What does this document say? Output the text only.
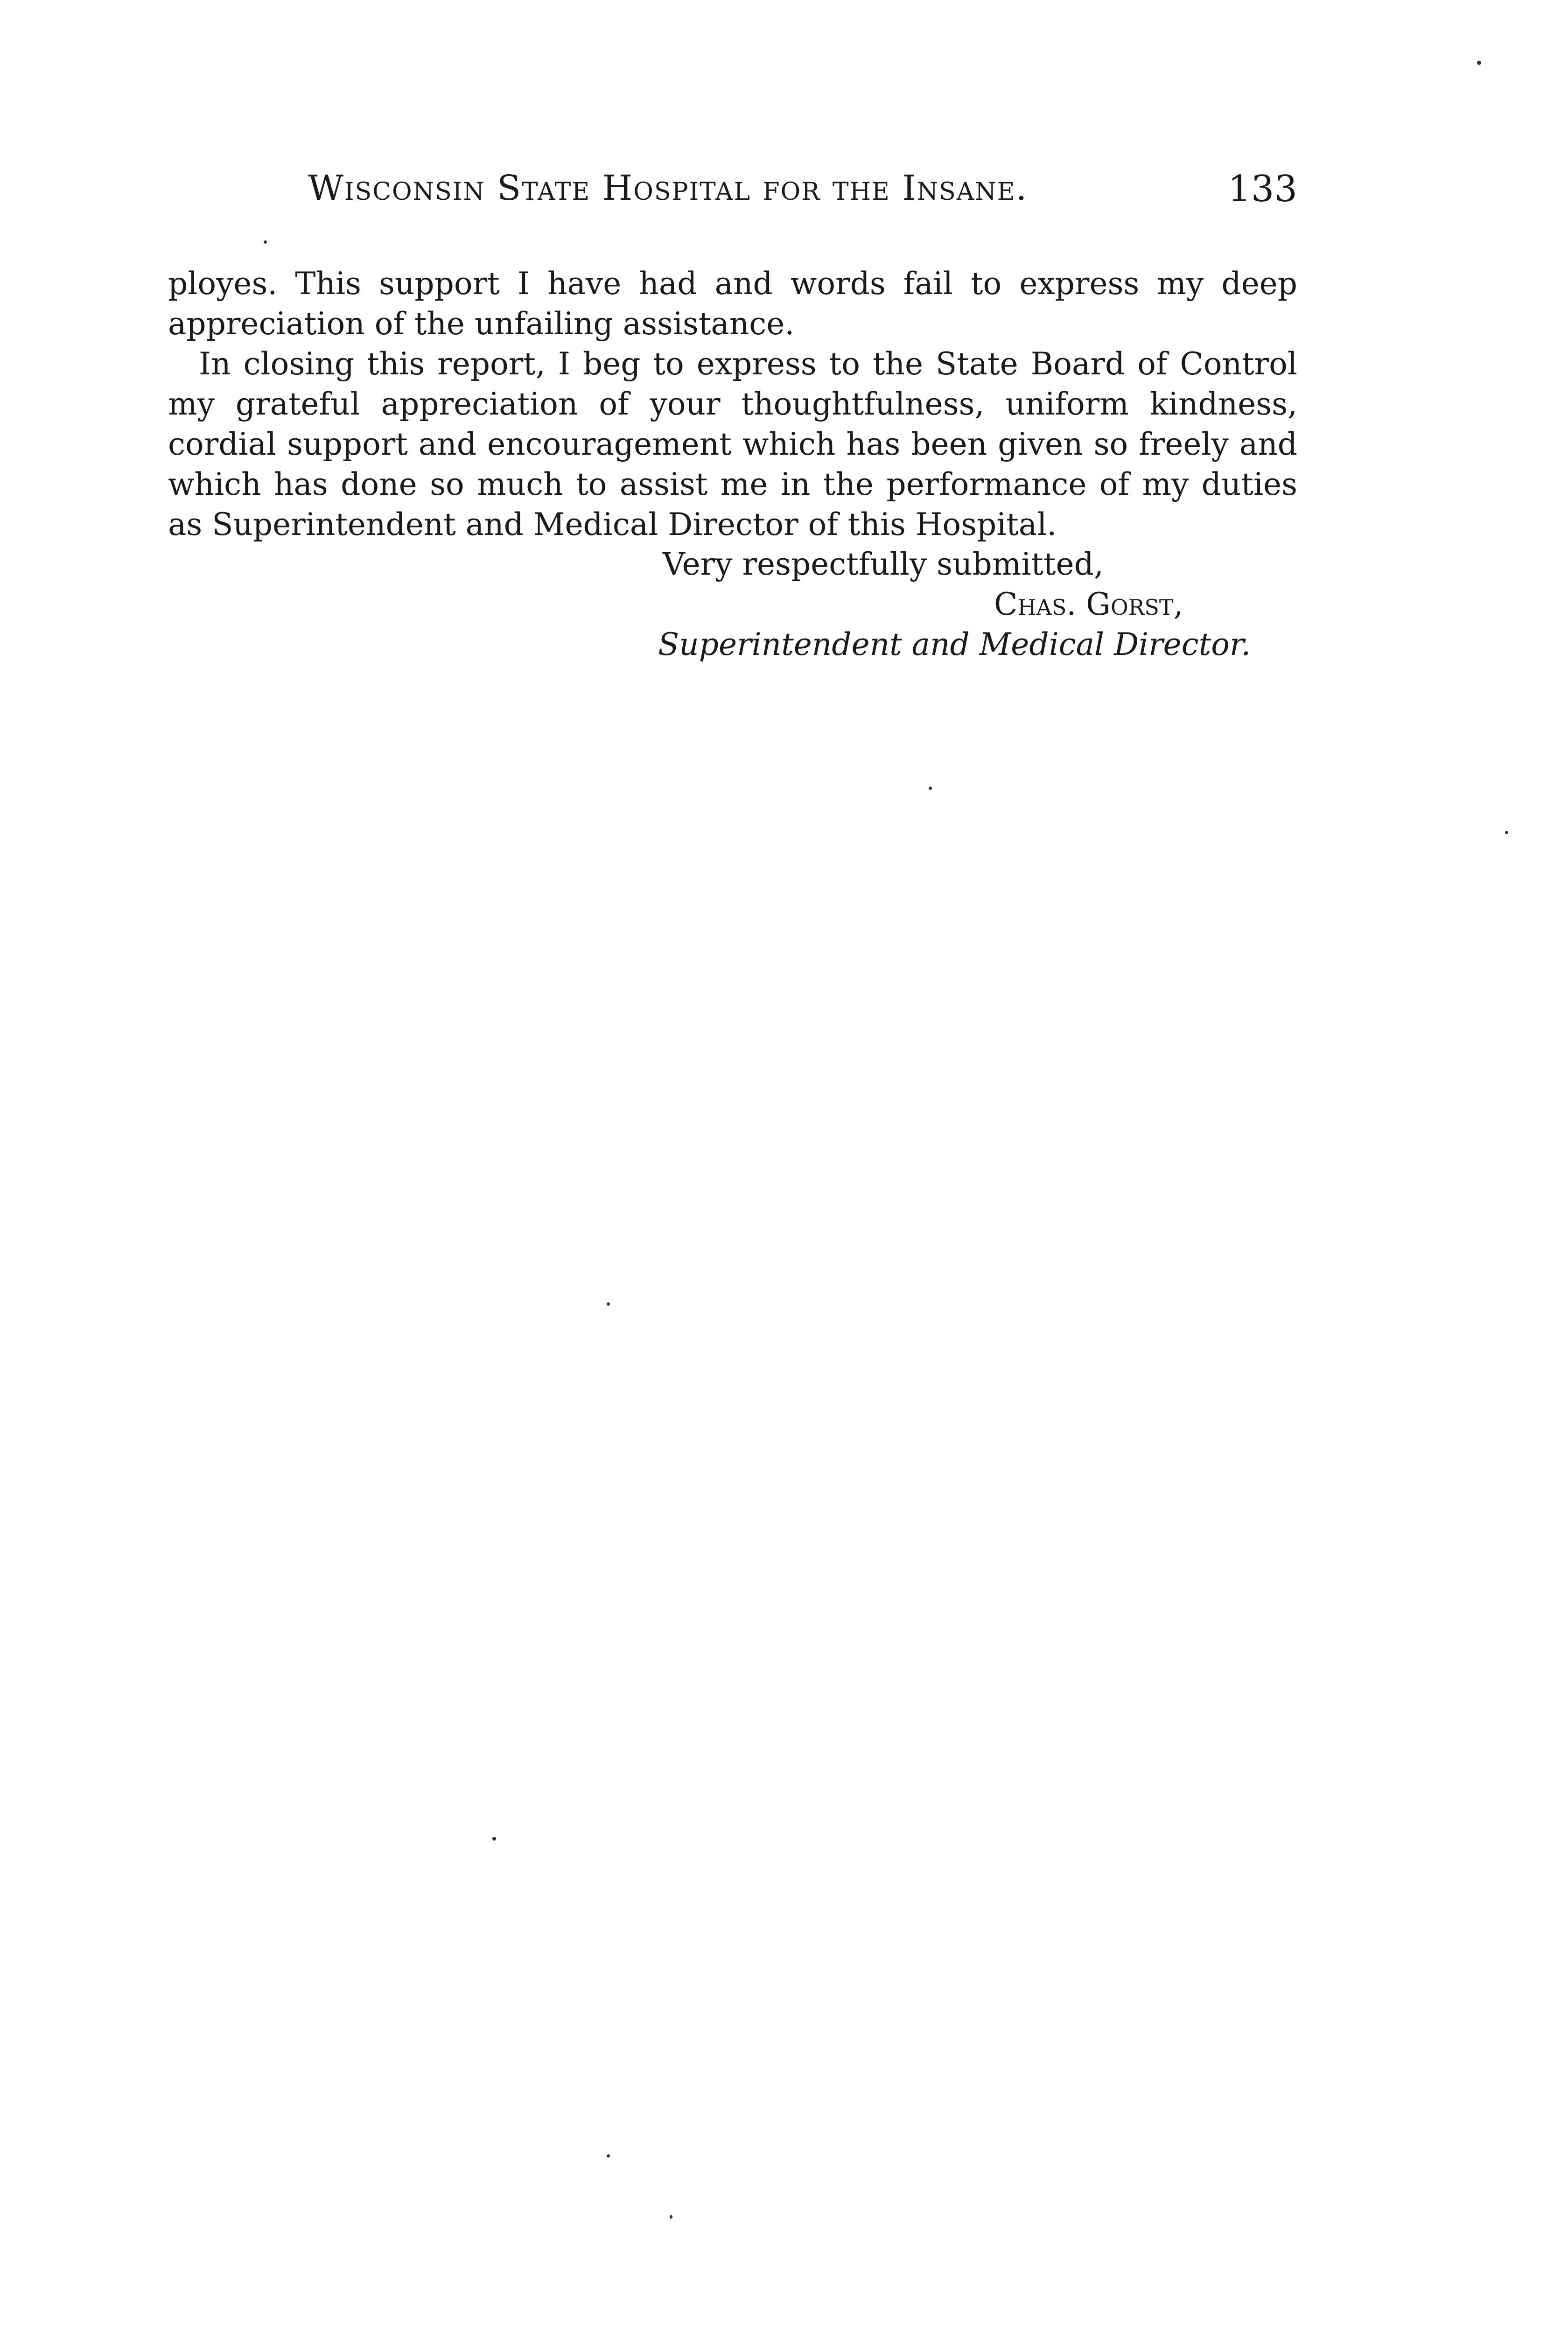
Wisconsin State Hospital for the Insane.	133
ployes. This support I have had and words fail to express my deep
appreciation of the unfailing assistance.
In closing this report, I beg to express to the State Board of Control
my grateful appreciation of your thoughtfulness, uniform kindness,
cordial support and encouragement which has been given so freely and
which has done so much to assist me in the performance of my duties
as Superintendent and Medical Director of this Hospital.
Very respectfully submitted,
Chas. Gorst,
Superintendent and Medical Director.
